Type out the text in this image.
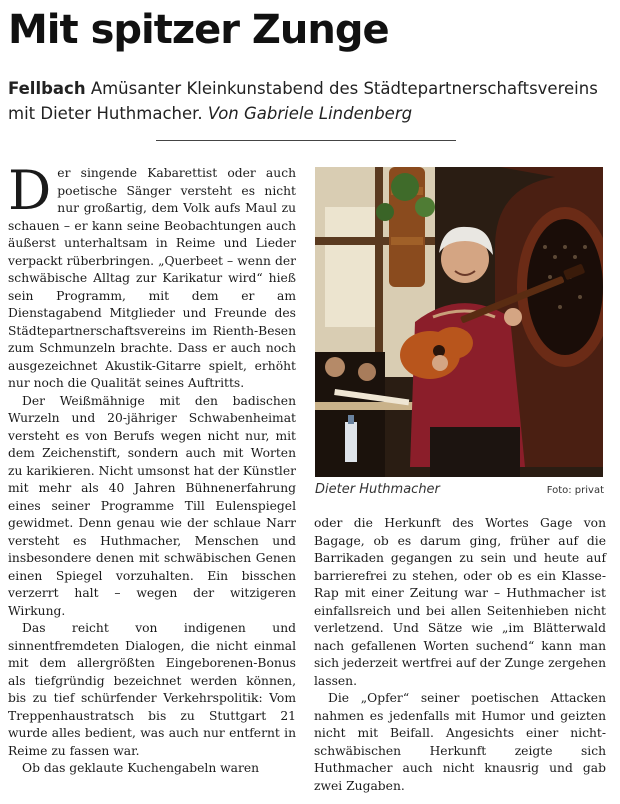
Mit spitzer Zunge
Fellbach Amüsanter Kleinkunstabend des Städtepartnerschaftsvereins mit Dieter Huthmacher. Von Gabriele Lindenberg

Der singende Kabarettist oder auch poetische Sänger versteht es nicht nur großartig, dem Volk aufs Maul zu schauen – er kann seine Beobachtungen auch äußerst unterhaltsam in Reime und Lieder verpackt rüberbringen. „Querbeet – wenn der schwäbische Alltag zur Karikatur wird“ hieß sein Programm, mit dem er am Dienstagabend Mitglieder und Freunde des Städtepartnerschaftsvereins im Rienth-Besen zum Schmunzeln brachte. Dass er auch noch ausgezeichnet Akustik-Gitarre spielt, erhöht nur noch die Qualität seines Auftritts.

Der Weißmähnige mit den badischen Wurzeln und 20-jähriger Schwabenheimat versteht es von Berufs wegen nicht nur, mit dem Zeichenstift, sondern auch mit Worten zu karikieren. Nicht umsonst hat der Künstler mit mehr als 40 Jahren Bühnenerfahrung eines seiner Programme Till Eulenspiegel gewidmet. Denn genau wie der schlaue Narr versteht es Huthmacher, Menschen und insbesondere denen mit schwäbischen Genen einen Spiegel vorzuhalten. Ein bisschen verzerrt halt – wegen der witzigeren Wirkung.

Das reicht von indigenen und sinnentfremdeten Dialogen, die nicht einmal mit dem allergrößten Eingeborenen-Bonus als tiefgründig bezeichnet werden können, bis zu tief schürfender Verkehrspolitik: Vom Treppenhaustratsch bis zu Stuttgart 21 wurde alles bedient, was auch nur entfernt in Reime zu fassen war.

Ob das geklaute Kuchengabeln waren

Dieter Huthmacher	Foto: privat

oder die Herkunft des Wortes Gage von Bagage, ob es darum ging, früher auf die Barrikaden gegangen zu sein und heute auf barrierefrei zu stehen, oder ob es ein Klasse-Rap mit einer Zeitung war – Huthmacher ist einfallsreich und bei allen Seitenhieben nicht verletzend. Und Sätze wie „im Blätterwald nach gefallenen Worten suchend“ kann man sich jederzeit wertfrei auf der Zunge zergehen lassen.

Die „Opfer“ seiner poetischen Attacken nahmen es jedenfalls mit Humor und geizten nicht mit Beifall. Angesichts einer nicht-schwäbischen Herkunft zeigte sich Huthmacher auch nicht knausrig und gab zwei Zugaben.
